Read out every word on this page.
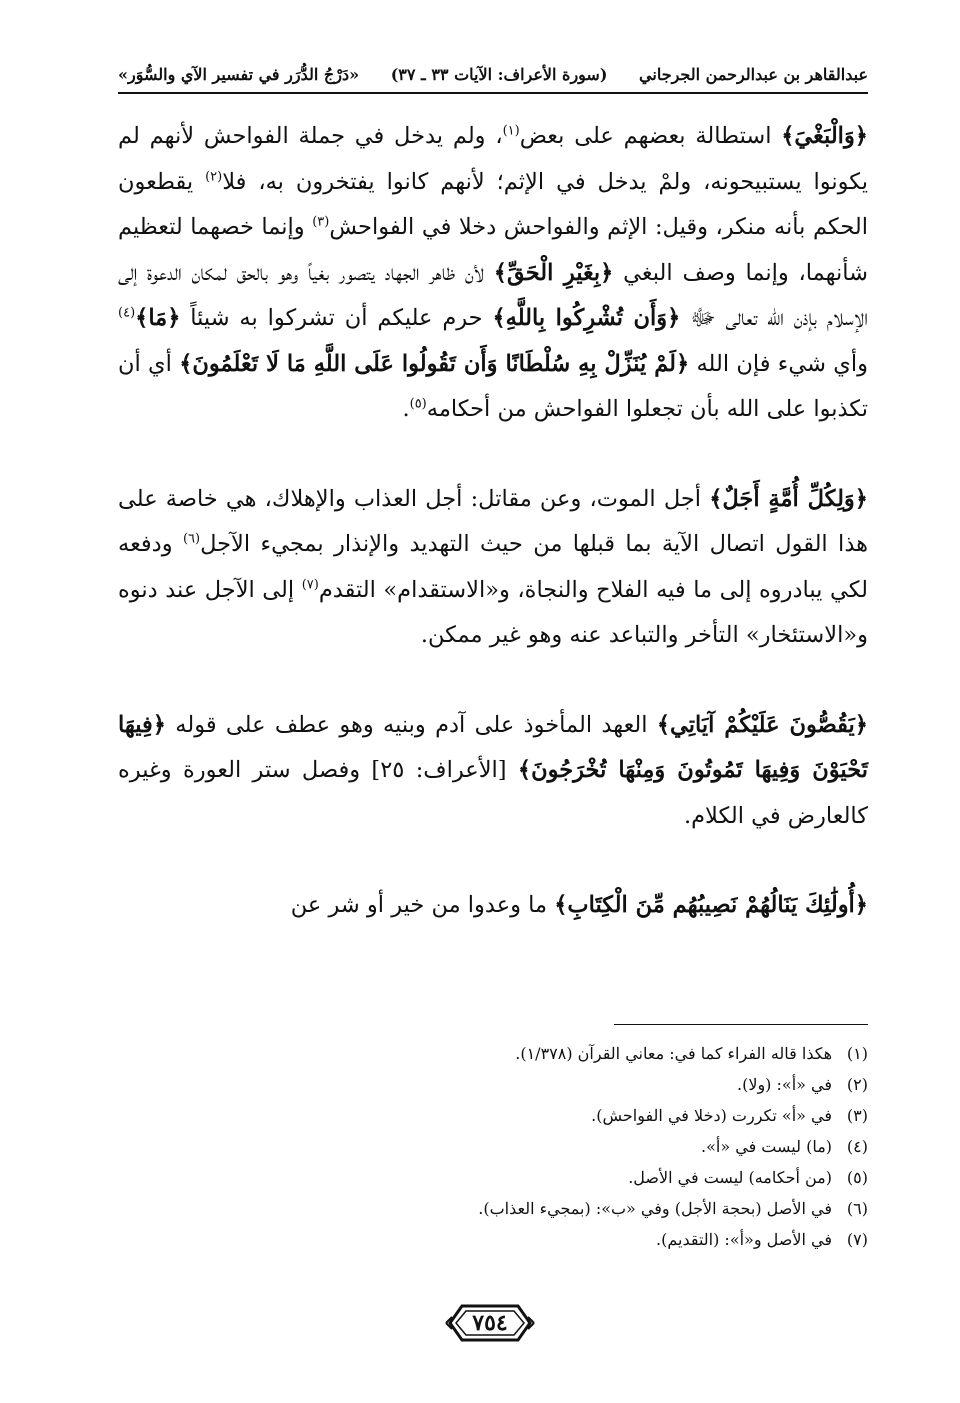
عبدالقاهر بن عبدالرحمن الجرجاني
(سورة الأعراف: الآيات ٣٣ ـ ٣٧)
«دَرْجُ الدُّرَر في تفسير الآي والسُّوَر»

﴿وَالْبَغْيَ﴾ استطالة بعضهم على بعض$^{(١)}$، ولم يدخل في جملة الفواحش لأنهم لم يكونوا يستبيحونه، ولمْ يدخل في الإثم؛ لأنهم كانوا يفتخرون به، فلا$^{(٢)}$ يقطعون الحكم بأنه منكر، وقيل: الإثم والفواحش دخلا في الفواحش$^{(٣)}$ وإنما خصهما لتعظيم شأنهما، وإنما وصف البغي ﴿بِغَيْرِ الْحَقِّ﴾ لأن ظاهر الجهاد يتصور بغياً وهو بالحق لمكان الدعوة إلى الإسلام بإذن الله تعالى ﷻ ﴿وَأَن تُشْرِكُوا بِاللَّهِ﴾ حرم عليكم أن تشركوا به شيئاً ﴿مَا﴾$^{(٤)}$ وأي شيء فإن الله ﴿لَمْ يُنَزِّلْ بِهِ سُلْطَانًا وَأَن تَقُولُوا عَلَى اللَّهِ مَا لَا تَعْلَمُونَ﴾ أي أن تكذبوا على الله بأن تجعلوا الفواحش من أحكامه$^{(٥)}$.

﴿وَلِكُلِّ أُمَّةٍ أَجَلٌ﴾ أجل الموت، وعن مقاتل: أجل العذاب والإهلاك، هي خاصة على هذا القول اتصال الآية بما قبلها من حيث التهديد والإنذار بمجيء الآجل$^{(٦)}$ ودفعه لكي يبادروه إلى ما فيه الفلاح والنجاة، و«الاستقدام» التقدم$^{(٧)}$ إلى الآجل عند دنوه و«الاستئخار» التأخر والتباعد عنه وهو غير ممكن.

﴿يَقُصُّونَ عَلَيْكُمْ آيَاتِي﴾ العهد المأخوذ على آدم وبنيه وهو عطف على قوله ﴿فِيهَا تَحْيَوْنَ وَفِيهَا تَمُوتُونَ وَمِنْهَا تُخْرَجُونَ﴾ [الأعراف: ٢٥] وفصل ستر العورة وغيره كالعارض في الكلام.

﴿أُولَٰئِكَ يَنَالُهُمْ نَصِيبُهُم مِّنَ الْكِتَابِ﴾ ما وعدوا من خير أو شر عن

(١)
هكذا قاله الفراء كما في: معاني القرآن (١/٣٧٨).
(٢)
في «أ»: (ولا).
(٣)
في «أ» تكررت (دخلا في الفواحش).
(٤)
(ما) ليست في «أ».
(٥)
(من أحكامه) ليست في الأصل.
(٦)
في الأصل (بحجة الأجل) وفي «ب»: (بمجيء العذاب).
(٧)
في الأصل و«أ»: (التقديم).
٧٥٤
